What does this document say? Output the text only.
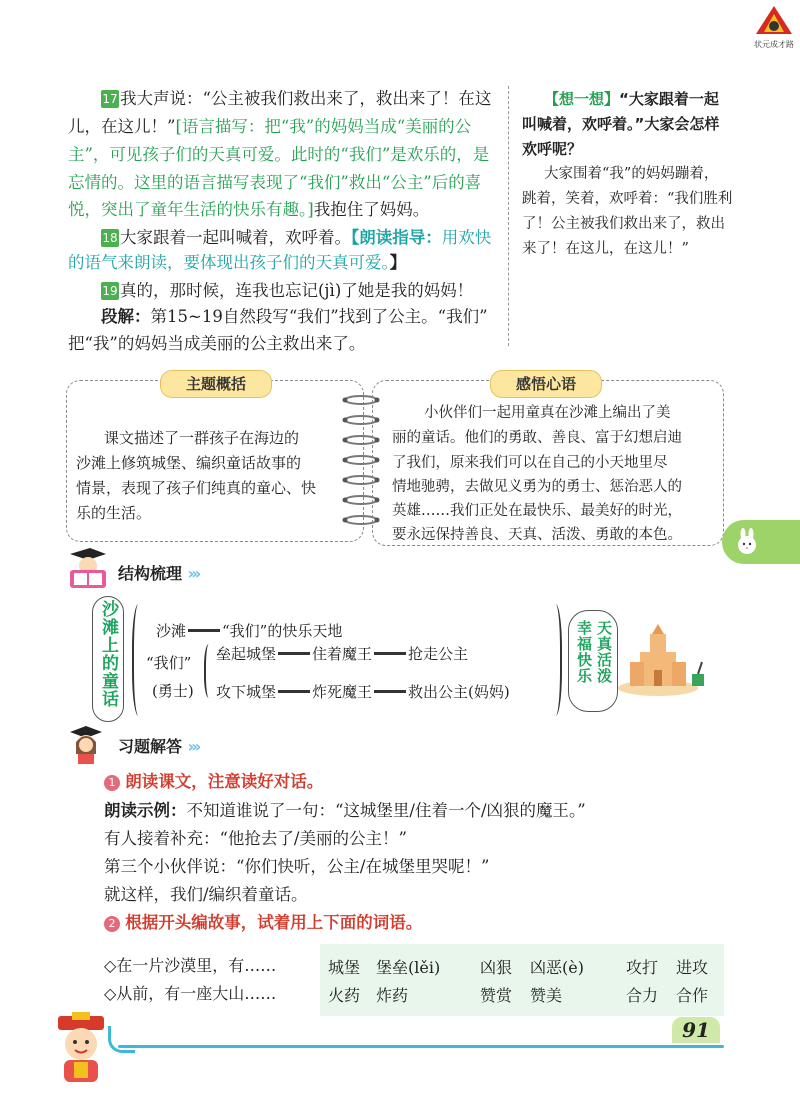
状元成才路
17 我大声说：“公主被我们救出来了，救出来了！在这
儿，在这儿！”[语言描写：把“我”的妈妈当成“美丽的公
主”，可见孩子们的天真可爱。此时的“我们”是欢乐的，是
忘情的。这里的语言描写表现了“我们”救出“公主”后的喜
悦，突出了童年生活的快乐有趣。]我抱住了妈妈。
18 大家跟着一起叫喊着，欢呼着。【朗读指导：用欢快
的语气来朗读，要体现出孩子们的天真可爱。】
19 真的，那时候，连我也忘记(jì)了她是我的妈妈！
段解：第15~19自然段写“我们”找到了公主。“我们”
把“我”的妈妈当成美丽的公主救出来了。
【想一想】“大家跟着一起
叫喊着，欢呼着。”大家会怎样
欢呼呢？
大家围着“我”的妈妈蹦着，
跳着，笑着，欢呼着：“我们胜利
了！公主被我们救出来了，救出
来了！在这儿，在这儿！”
主题概括
课文描述了一群孩子在海边的
沙滩上修筑城堡、编织童话故事的
情景，表现了孩子们纯真的童心、快
乐的生活。
感悟心语
小伙伴们一起用童真在沙滩上编出了美
丽的童话。他们的勇敢、善良、富于幻想启迪
了我们，原来我们可以在自己的小天地里尽
情地驰骋，去做见义勇为的勇士、惩治恶人的
英雄……我们正处在最快乐、最美好的时光，
要永远保持善良、天真、活泼、勇敢的本色。
结构梳理 ›››
沙滩上的童话	沙滩 “我们”的快乐天地
“我们”
(勇士)
垒起城堡 住着魔王 抢走公主
攻下城堡 炸死魔王 救出公主(妈妈)
天真活泼
幸福快乐
习题解答 ›››
1 朗读课文，注意读好对话。
朗读示例：不知道谁说了一句：“这城堡里/住着一个/凶狠的魔王。”
有人接着补充：“他抢去了/美丽的公主！”
第三个小伙伴说：“你们快听，公主/在城堡里哭呢！”
就这样，我们/编织着童话。
2 根据开头编故事，试着用上下面的词语。
◇在一片沙漠里，有……
◇从前，有一座大山……
城堡 堡垒(lěi) 凶狠 凶恶(è)	攻打 进攻
火药 炸药	赞赏 赞美	合力 合作
91
